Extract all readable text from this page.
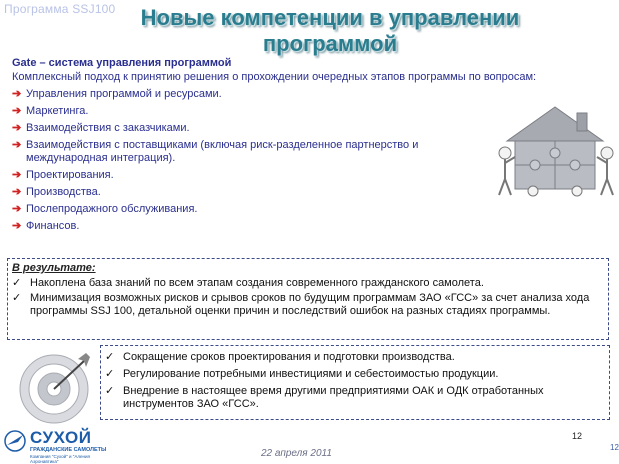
Программа SSJ100	Новые компетенции в управлении программой
Gate – система управления программой
Комплексный подход к принятию решения о прохождении очередных этапов программы по вопросам:
➔ Управления программой и ресурсами.
➔ Маркетинга.
➔ Взаимодействия с заказчиками.
➔ Взаимодействия с поставщиками (включая риск-разделенное партнерство и международная интеграция).
➔ Проектирования.
➔ Производства.
➔ Послепродажного обслуживания.
➔ Финансов.
В результате:
✓ Накоплена база знаний по всем этапам создания современного гражданского самолета.
✓ Минимизация возможных рисков и срывов сроков по будущим программам ЗАО «ГСС» за счет анализа хода программы SSJ 100, детальной оценки причин и последствий ошибок на разных стадиях программы.
✓ Сокращение сроков проектирования и подготовки производства.
✓ Регулирование потребными инвестициями и себестоимостью продукции.
✓ Внедрение в настоящее время другими предприятиями ОАК и ОДК отработанных инструментов ЗАО «ГСС».
СУХОЙ
ГРАЖДАНСКИЕ САМОЛЕТЫ
Компания "Сухой" и "Аления Аэронавтика"
22 апреля 2011
12
12
